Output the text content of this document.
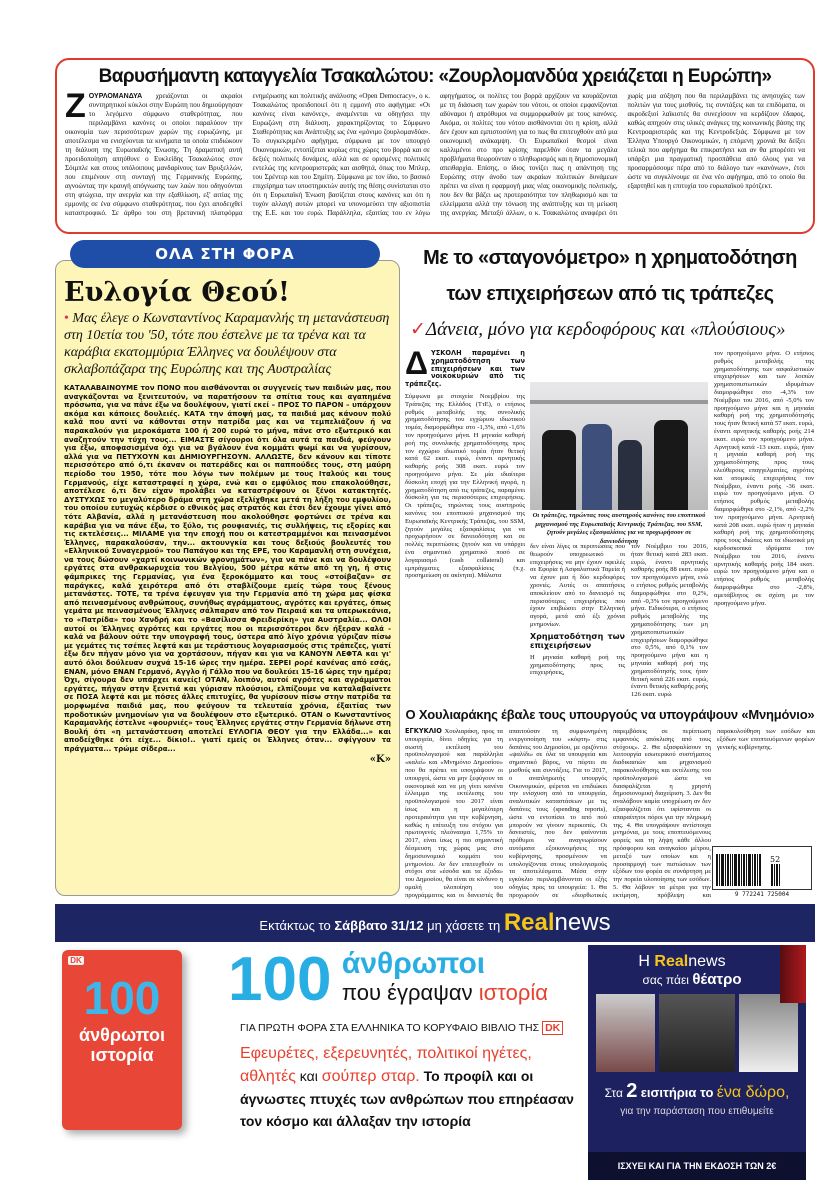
Βαρυσήμαντη καταγγελία Τσακαλώτου: «Ζουρλομανδύα χρειάζεται η Ευρώπη»
ΖΟΥΡΛΟΜΑΝΔΥΑ χρειάζονται οι ακραίοι συντηρητικοί κύκλοι στην Ευρώπη που δημιούργησαν το λεγόμενο σύμφωνο σταθερότητας, που περιλαμβάνει κανόνες οι οποίοι παραλύουν την οικονομία των περισσότερων χωρών της ευρωζώνης, με αποτέλεσμα να ενισχύονται τα κινήματα τα οποία επιδιώκουν τη διάλυση της Ευρωπαϊκής Ένωσης. Τη δραματική αυτή προειδοποίηση απηύθυνε ο Ευκλείδης Τσακαλώτος στον Σόιμπλε και στους υπόλοιπους μανδαρίνους των Βρυξελλών, που επιμένουν στη συνταγή της Γερμανικής Ευρώπης, αγνοώντας την κραυγή απόγνωσης των λαών που οδηγούνται στη φτώχεια, την ανεργία και την εξαθλίωση, εξ' αιτίας της εμμονής σε ένα σύμφωνο σταθερότητας, που έχει αποδειχθεί καταστροφικό. Σε άρθρο του στη βρετανική πλατφόρμα ενημέρωσης και πολιτικής ανάλυσης «Open Democracy», ο κ. Τσακαλώτος προειδοποιεί ότι η εμμονή στο αφήγημα: «Οι κανόνες είναι κανόνες», αναμένεται να οδηγήσει την Ευρωζώνη στη διάλυση, χαρακτηρίζοντας το Σύμφωνο Σταθερότητας και Ανάπτυξης ως ένα «μόνιμο ζουρλομανδύα». Το συγκεκριμένο αφήγημα, σύμφωνα με τον υπουργό Οικονομικών, εντοπίζεται κυρίως στις χώρες του βορρά και σε δεξιές πολιτικές δυνάμεις, αλλά και σε ορισμένες πολιτικές εντελώς της κεντροαριστεράς και αισθητά, όπως του Μπλερ, του Σρέντερ και του Σημίτη. Σύμφωνα με τον ίδιο, το βασικό επιχείρημα των υποστηρικτών αυτής της θέσης συνίσταται στο ότι η Ευρωπαϊκή Ένωση βασίζεται στους κανόνες και ότι η τυχόν αλλαγή αυτών μπορεί να υπονομεύσει την αξιοπιστία της Ε.Ε. και του ευρώ. Παράλληλα, εξαιτίας του εν λόγω αφηγήματος, οι πολίτες του βορρά αρχίζουν να κουράζονται με τη διάσωση των χωρών του νότου, οι οποίοι εμφανίζονται αδύναμοι ή απρόθυμοι να συμμορφωθούν με τους κανόνες. Ακόμα, οι πολίτες του νότου αισθάνονται ότι η κρίση, αλλά δεν έχουν και εμπιστοσύνη για το πως θα επιτευχθούν από μια οικονομική ανάκαμψη. Οι Ευρωπαϊκοί θεσμοί είναι καλλιμένοι στο προ κρίσης παρελθόν όταν τα μεγάλα προβλήματα θεωρούνταν ο πληθωρισμός και η δημοσιονομική απειθαρχία. Επίσης, ο ίδιος τονίζει πως η απάντηση της Ευρώπης στην άνοδο των ακραίων πολιτικών δυνάμεων πρέπει να είναι η εφαρμογή μιας νέας οικονομικής πολιτικής, που δεν θα βάζει ως προτεραιότητα τον πληθωρισμό και τα ελλείμματα αλλά την τόνωση της ανάπτυξης και τη μείωση της ανεργίας. Μεταξύ άλλων, ο κ. Τσακαλώτος αναφέρει ότι χωρίς μια αύξηση που θα περιλαμβάνει τις ανησυχίες των πολιτών για τους μισθούς, τις συντάξεις και τα επιδόματα, οι ακροδεξιοί λαϊκιστές θα συνεχίσουν να κερδίζουν έδαφος, καθώς απηχούν στις υλικές ανάγκες της κοινωνικής βάσης της Κεντροαριστεράς και της Κεντροδεξιάς. Σύμφωνα με τον Έλληνα Υπουργό Οικονομικών, η επόμενη χρονιά θα δείξει τελικά που αφήγημα θα επικρατήσει και αν θα μπορέσει να υπάρξει μια πραγματική προσπάθεια από όλους για να προσαρμόσουμε πέρα από το διάλογο των «κανόνων», έτσι ώστε να συγκλίνουμε σε ένα νέο αφήγημα, από το οποίο θα εξαρτηθεί και η επιτυχία του ευρωπαϊκού πρότζεκτ.
ΟΛΑ ΣΤΗ ΦΟΡΑ
Ευλογία Θεού!

• Μας έλεγε ο Κωνσταντίνος Καραμανλής τη μετανάστευση στη 10ετία του '50, τότε που έστελνε με τα τρένα και τα καράβια εκατομμύρια Έλληνες να δουλέψουν στα σκλαβοπάζαρα της Ευρώπης και της Αυστραλίας

ΚΑΤΑΛΑΒΑΙΝΟΥΜΕ τον ΠΟΝΟ που αισθάνονται οι συγγενείς των παιδιών μας, που αναγκάζονται να ξενιτευτούν, να παρατήσουν τα σπίτια τους και αγαπημένα πρόσωπα, για να πάνε έξω να δουλέψουν, γιατί εκεί – ΠΡΟΣ ΤΟ ΠΑΡΟΝ – υπάρχουν ακόμα και κάποιες δουλειές. ΚΑΤΑ την άποψή μας, τα παιδιά μας κάνουν πολύ καλά που αντί να κάθονται στην πατρίδα μας και να τεμπελιάζουν ή να παρακαλούν για μεροκάματα 100 ή 200 ευρώ το μήνα, πάνε στο εξωτερικό και αναζητούν την τύχη τους... ΕΙΜΑΣΤΕ σίγουροι ότι όλα αυτά τα παιδιά, φεύγουν για έξω, αποφασισμένα όχι για να βγάλουν ένα κομμάτι ψωμί και να γυρίσουν, αλλά για να ΠΕΤΥΧΟΥΝ και ΔΗΜΙΟΥΡΓΗΣΟΥΝ. ΑΛΛΩΣΤΕ, δεν κάνουν και τίποτε περισσότερο από ό,τι έκαναν οι πατεράδες και οι παππούδες τους, στη μαύρη περίοδο του 1950, τότε που λόγω των πολέμων με τους Ιταλούς και τους Γερμανούς, είχε καταστραφεί η χώρα, ενώ και ο εμφύλιος που επακολούθησε, αποτέλεσε ό,τι δεν είχαν προλάβει να καταστρέψουν οι ξένοι κατακτητές. ΔΥΣΤΥΧΩΣ το μεγαλύτερο δράμα στη χώρα εξελίχθηκε μετά τη λήξη του εμφυλίου, του οποίου ευτυχώς κέρδισε ο εθνικός μας στρατός και έτσι δεν έχουμε γίνει από τότε Αλβανία, αλλά η μετανάστευση που ακολούθησε φορτώνει σε τρένα και καράβια για να πάνε έξω, το ξύλο, τις ρουφιανιές, τις συλλήψεις, τις εξορίες και τις εκτελέσεις... ΜΙΛΑΜΕ για την εποχή που οι κατεστραμμένοι και πεινασμένοι Έλληνες, παρακαλούσαν, την... ακτουνγκία και τους δεξιούς βουλευτές του «Ελληνικού Συναγερμού» του Παπάγου και της ΕΡΕ, του Καραμανλή στη συνέχεια, να τους δώσουν «χαρτί κοινωνικών φρονημάτων», για να πάνε και να δουλέψουν εργάτες στα ανθρακωρυχεία του Βελγίου, 500 μέτρα κάτω από τη γη, ή στις φάμπρικες της Γερμανίας, για ένα ξεροκόμματο και τους «στοίβαζαν» σε παράγκες, καλά χειρότερα από ότι σταβλίζουμε εμείς τώρα τους ξένους μετανάστες. ΤΟΤΕ, τα τρένα έφευγαν για την Γερμανία από τη χώρα μας φίσκα από πεινασμένους ανθρώπους, συνήθως αγράμματους, αγρότες και εργάτες, όπως γεμάτα με πεινασμένους Έλληνες σάλπαραν από τον Πειραιά και τα υπερωκεάνια, το «Πατρίδα» του Χανδρή και το «Βασίλισσα Φρειδερίκη» για Αυστραλία... ΟΛΟΙ αυτοί οι Έλληνες αγρότες και εργάτες που οι περισσότεροι δεν ήξεραν καλά - καλά να βάλουν ούτε την υπογραφή τους, ύστερα από λίγο χρόνια γύριζαν πίσω με γεμάτες τις τσέπες λεφτά και με τεράστιους λογαριασμούς στις τράπεζες, γιατί έξω δεν πήγαν μόνο για να χορτάσουν, πήγαν και για να ΚΑΝΟΥΝ ΛΕΦΤΑ και γι' αυτό όλοι δούλευαν συχνά 15-16 ώρες την ημέρα. ΣΕΡΕΙ ρορέ κανένας από εσάς, ΕΝΑΝ, μόνο ΕΝΑΝ Γερμανό, Αγγλο ή Γάλλο που να δουλεύει 15-16 ώρες την ημέρα; Όχι, σίγουρα δεν υπάρχει κανείς! ΟΤΑΝ, λοιπόν, αυτοί αγρότες και αγράμματοι εργάτες, πήγαν στην ξενιτιά και γύρισαν πλούσιοι, ελπίζουμε να καταλαβαίνετε σε ΠΟΣΑ λεφτά και με πόσες άλλες επιτυχίες, θα γυρίσουν πίσω στην πατρίδα τα μορφωμένα παιδιά μας, που φεύγουν τα τελευταία χρόνια, έξαιτίας των προδοτικών μνημονίων για να δουλέψουν στο εξωτερικό. ΟΤΑΝ ο Κωνσταντίνος Καραμανλής έστελνε «φουρνιές» τους Έλληνες εργάτες στην Γερμανία δήλωνε στη Βουλή ότι «η μετανάστευση αποτελεί ΕΥΛΟΓΙΑ ΘΕΟΥ για την Ελλάδα...» και αποδείχθηκε ότι είχε... δίκιο!.. γιατί εμείς οι Έλληνες όταν... σφίγγουν τα πράγματα... τρώμε σίδερα...

«Κ»

Με το «σταγονόμετρο» η χρηματοδότηση
των επιχειρήσεων από τις τράπεζες
✓Δάνεια, μόνο για κερδοφόρους και «πλούσιους»
Δ ΥΣΚΟΛΗ παραμένει η χρηματοδότηση των επιχειρήσεων και των νοικοκυριών από τις τράπεζες.

Σύμφωνα με στοιχεία Νοεμβρίου της Τράπεζας της Ελλάδος (ΤτΕ), ο ετήσιος ρυθμός μεταβολής της συνολικής χρηματοδότησης του εγχώριου ιδιωτικού τομέα, διαμορφώθηκε στο -1,3%, από -1,6% τον προηγούμενο μήνα. Η μηνιαία καθαρή ροή της συνολικής χρηματοδότησης προς τον εγχώριο ιδιωτικό τομέα ήταν θετική κατά 62 εκατ. ευρώ, έναντι αρνητικής καθαρής ροής 308 εκατ. ευρώ τον προηγούμενο μήνα. Σε μία ιδιαίτερα δύσκολη εποχή για την Ελληνική αγορά, η χρηματοδότηση από τις τράπεζες, παραμένει δύσκολη για τις περισσότερες επιχειρήσεις. Οι τράπεζες, τηρώντας τους αυστηρούς κανόνες του εποπτικού μηχανισμού της Ευρωπαϊκής Κεντρικής Τράπεζας, του SSM, ζητούν μεγάλες εξασφαλίσεις για να προχωρήσουν σε δανειοδότηση και σε πολλές περιπτώσεις ζητούν και να υπάρχει ένα σημαντικό χρηματικό ποσό σε λογαριασμό (cash collateral) και εμπράγματες εξασφαλίσεις (π.χ. προσημείωση σε ακίνητα). Μάλιστα

Οι τράπεζες, τηρώντας τους αυστηρούς κανόνες του εποπτικού μηχανισμού της Ευρωπαϊκής Κεντρικής Τράπεζας, του SSM, ζητούν μεγάλες εξασφαλίσεις για να προχωρήσουν σε δανειοδότηση

δεν είναι λίγες οι περιπτώσεις που θεωρούν υποχρεωτικό οι επιχειρήσεις να μην έχουν οφειλές σε Εφορία ή Ασφαλιστικά Ταμεία ή να έχουν μια ή δύο κερδοφόρες χρονιές. Αυτές οι απαιτήσεις αποκλείουν από το δανεισμό τις περισσότερες επιχειρήσεις που έχουν επιβιώσει στην Ελληνική αγορά, μετά από έξι χρόνια μνημονίων.

Χρηματοδότηση των επιχειρήσεων

Η μηνιαία καθαρή ροή της χρηματοδότησης προς τις επιχειρήσεις,

τον Νοέμβριο του 2016, ήταν θετική κατά 283 εκατ. ευρώ, έναντι αρνητικής καθαρής ροής 88 εκατ. ευρώ τον προηγούμενο μήνα, ενώ ο ετήσιος ρυθμός μεταβολής διαμορφώθηκε στο 0,2%, από -0,3% τον προηγούμενο μήνα. Ειδικότερα, ο ετήσιος ρυθμός μεταβολής της χρηματοδότησης των μη χρηματοπιστωτικών επιχειρήσεων διαμορφώθηκε στο 0,5%, από 0,1% τον προηγούμενο μήνα και η μηνιαία καθαρή ροή της χρηματοδότησής τους ήταν θετική κατά 226 εκατ. ευρώ, έναντι θετικής καθαρής ροής 126 εκατ. ευρώ

τον προηγούμενο μήνα. Ο ετήσιος ρυθμός μεταβολής της χρηματοδότησης των ασφαλιστικών επιχειρήσεων και των λοιπών χρηματοπιστωτικών ιδρυμάτων διαμορφώθηκε στο -4,3% τον Νοέμβριο του 2016, από -5,0% τον προηγούμενο μήνα και η μηνιαία καθαρή ροή της χρηματοδότησής τους ήταν θετική κατά 57 εκατ. ευρώ, έναντι αρνητικής καθαρής ροής 214 εκατ. ευρώ τον προηγούμενο μήνα. Αρνητική κατά -13 εκατ. ευρώ, ήταν η μηνιαία καθαρή ροή της χρηματοδότησης προς τους ελεύθερους επαγγελματίες, αγρότες και ατομικές επιχειρήσεις τον Νοέμβριο, έναντι ροής -36 εκατ. ευρώ τον προηγούμενο μήνα. Ο ετήσιος ρυθμός μεταβολής διαμορφώθηκε στο -2,1%, από -2,2% τον προηγούμενο μήνα. Αρνητική κατά 208 εκατ. ευρώ ήταν η μηνιαία καθαρή ροή της χρηματοδότησης προς τους ιδιώτες και τα ιδιωτικά μη κερδοσκοπικά ιδρύματα τον Νοέμβριο του 2016, έναντι αρνητικής καθαρής ροής 184 εκατ. ευρώ τον προηγούμενο μήνα και ο ετήσιος ρυθμός μεταβολής διαμορφώθηκε στο -2,8%, αμετάβλητος σε σχέση με τον προηγούμενο μήνα.

Ο Χουλιαράκης έβαλε τους υπουργούς να υπογράψουν «Μνημόνιο»
ΕΓΚΥΚΛΙΟ Χουλιαράκη, προς τα υπουργεία, δίνει οδηγίες για τη σωστή εκτέλεση του προϋπολογισμού και παράλληλα «καλεί» και «Μνημόνιο Δημοσίου» που θα πρέπει να υπογράψουν οι υπουργοί, ώστε να μην ξεφύγουν τα οικονομικά και να μη γίνει κανένα έλλειμμα της εκτέλεσης του προϋπολογισμού του 2017 είναι ίσως και η μεγαλύτερη προτεραιότητα για την κυβέρνηση, καθώς η επίτευξη του στόχου για πρωτογενές πλεόνασμα 1,75% το 2017, είναι ίσως η πιο σημαντική δέσμευση της χώρας μας στο δημοσιονομικό κομμάτι του μνημονίου. Αν δεν επιτευχθούν οι στόχοι στα «έσοδα και τα έξοδα» του Δημοσίου, θα είναι σε κίνδυνο η ομαλή υλοποίηση του προγράμματος και οι δανειστές θα απαιτούσαν τη συμφωνημένη ενεργοποίηση του «κόφτη» στις δαπάνες του Δημοσίου, με οριζόντιο «ψαλίδι» σε όλα τα υπουργεία και σημαντικό βάρος, να πέφτει σε μισθούς και συντάξεις. Για το 2017, ο αναπληρωτής υπουργός Οικονομικών, φέρεται να επιδιώκει την ενίσχυση από τα υπουργεία, αναλυτικών καταστάσεων με τις δαπάνες τους (spending reports), ώστε να εντοπίσει το από πού μπορούν να γίνουν περικοπές. Οι δανειστές, που δεν φαίνονται πρόθυμοι να αναγνωρίσουν αυτόματα εξοικονομήσεις της κυβέρνησης, προσμένουν να υπολογίζονται στους υπολογισμούς τα αποτελέσματα. Μέσα στην εγκύκλιο περιλαμβάνονται οι εξής οδηγίες προς τα υπουργεία: 1. Θα προχωρούν σε «διορθωτικές παρεμβάσεις σε περίπτωση εμφανούς απόκλισης από τους στόχους». 2. Θα εξασφαλίσουν τη λειτουργία εσωτερικού συστήματος διαδικασιών και μηχανισμού παρακολούθησης και εκτέλεσης του προϋπολογισμού ώστε να διασφαλίζεται η χρηστή δημοσιονομική διαχείριση. 3. Δεν θα αναλάβουν καμία υποχρέωση αν δεν εξασφαλίζεται ότι υφίστανται οι απαραίτητοι πόροι για την πληρωμή της. 4. Θα υπογράψουν αντίστοιχα μνημόνια, με τους εποπτευόμενους φορείς και τη λήψη κάθε άλλου πρόσφορου και αναγκαίου μέτρου, μεταξύ των οποίων και η προσαρμογή των πιστώσεων των εξόδων του φορέα σε συνάρτηση με την πορεία υλοποίησης των εσόδων. 5. Θα λάβουν τα μέτρα για την εκτίμηση, πρόβλεψη και παρακολούθηση των εσόδων και εξόδων των εποπτευόμενων φορέων γενικής κυβέρνησης.
52
9 772241 725004
Εκτάκτως το Σάββατο 31/12 μη χάσετε τη Realnews
DK
100
άνθρωποι ιστορία
100 άνθρωποι
που έγραψαν ιστορία
ΓΙΑ ΠΡΩΤΗ ΦΟΡΑ ΣΤΑ ΕΛΛΗΝΙΚΑ ΤΟ ΚΟΡΥΦΑΙΟ ΒΙΒΛΙΟ ΤΗΣ DK
Εφευρέτες, εξερευνητές, πολιτικοί ηγέτες, αθλητές και σούπερ σταρ. Το προφίλ και οι άγνωστες πτυχές των ανθρώπων που επηρέασαν τον κόσμο και άλλαξαν την ιστορία
Η Realnews
σας πάει θέατρο
Στα 2 εισιτήρια το ένα δώρο,
για την παράσταση που επιθυμείτε
ΙΣΧΥΕΙ ΚΑΙ ΓΙΑ ΤΗΝ ΕΚΔΟΣΗ ΤΩΝ 2€
